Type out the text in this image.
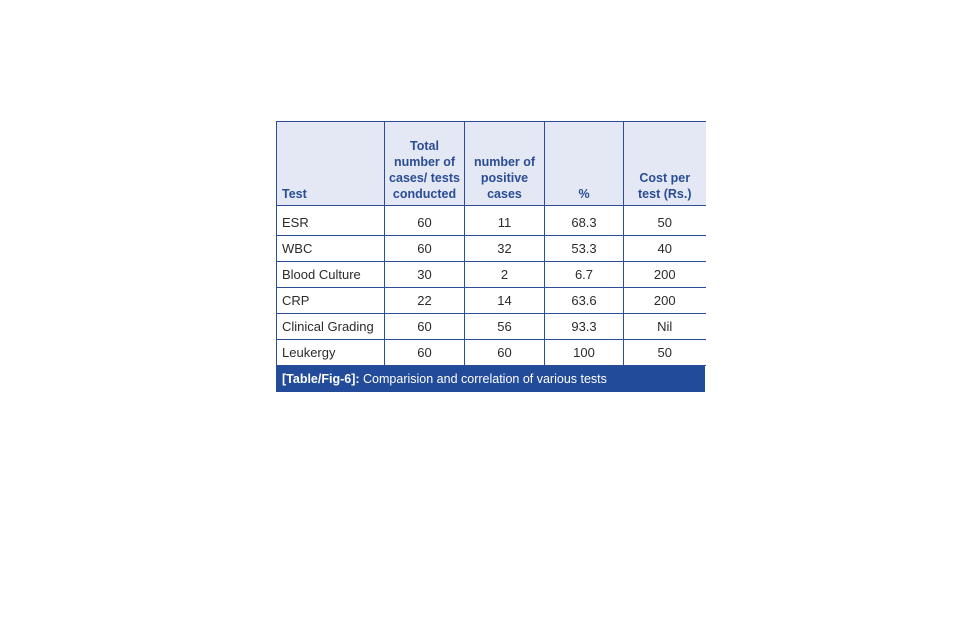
Test	Total number of cases/ tests conducted	number of positive cases	%	Cost per test (Rs.)
ESR	60	11	68.3	50
WBC	60	32	53.3	40
Blood Culture	30	2	6.7	200
CRP	22	14	63.6	200
Clinical Grading	60	56	93.3	Nil
Leukergy	60	60	100	50
[Table/Fig-6]: Comparision and correlation of various tests
